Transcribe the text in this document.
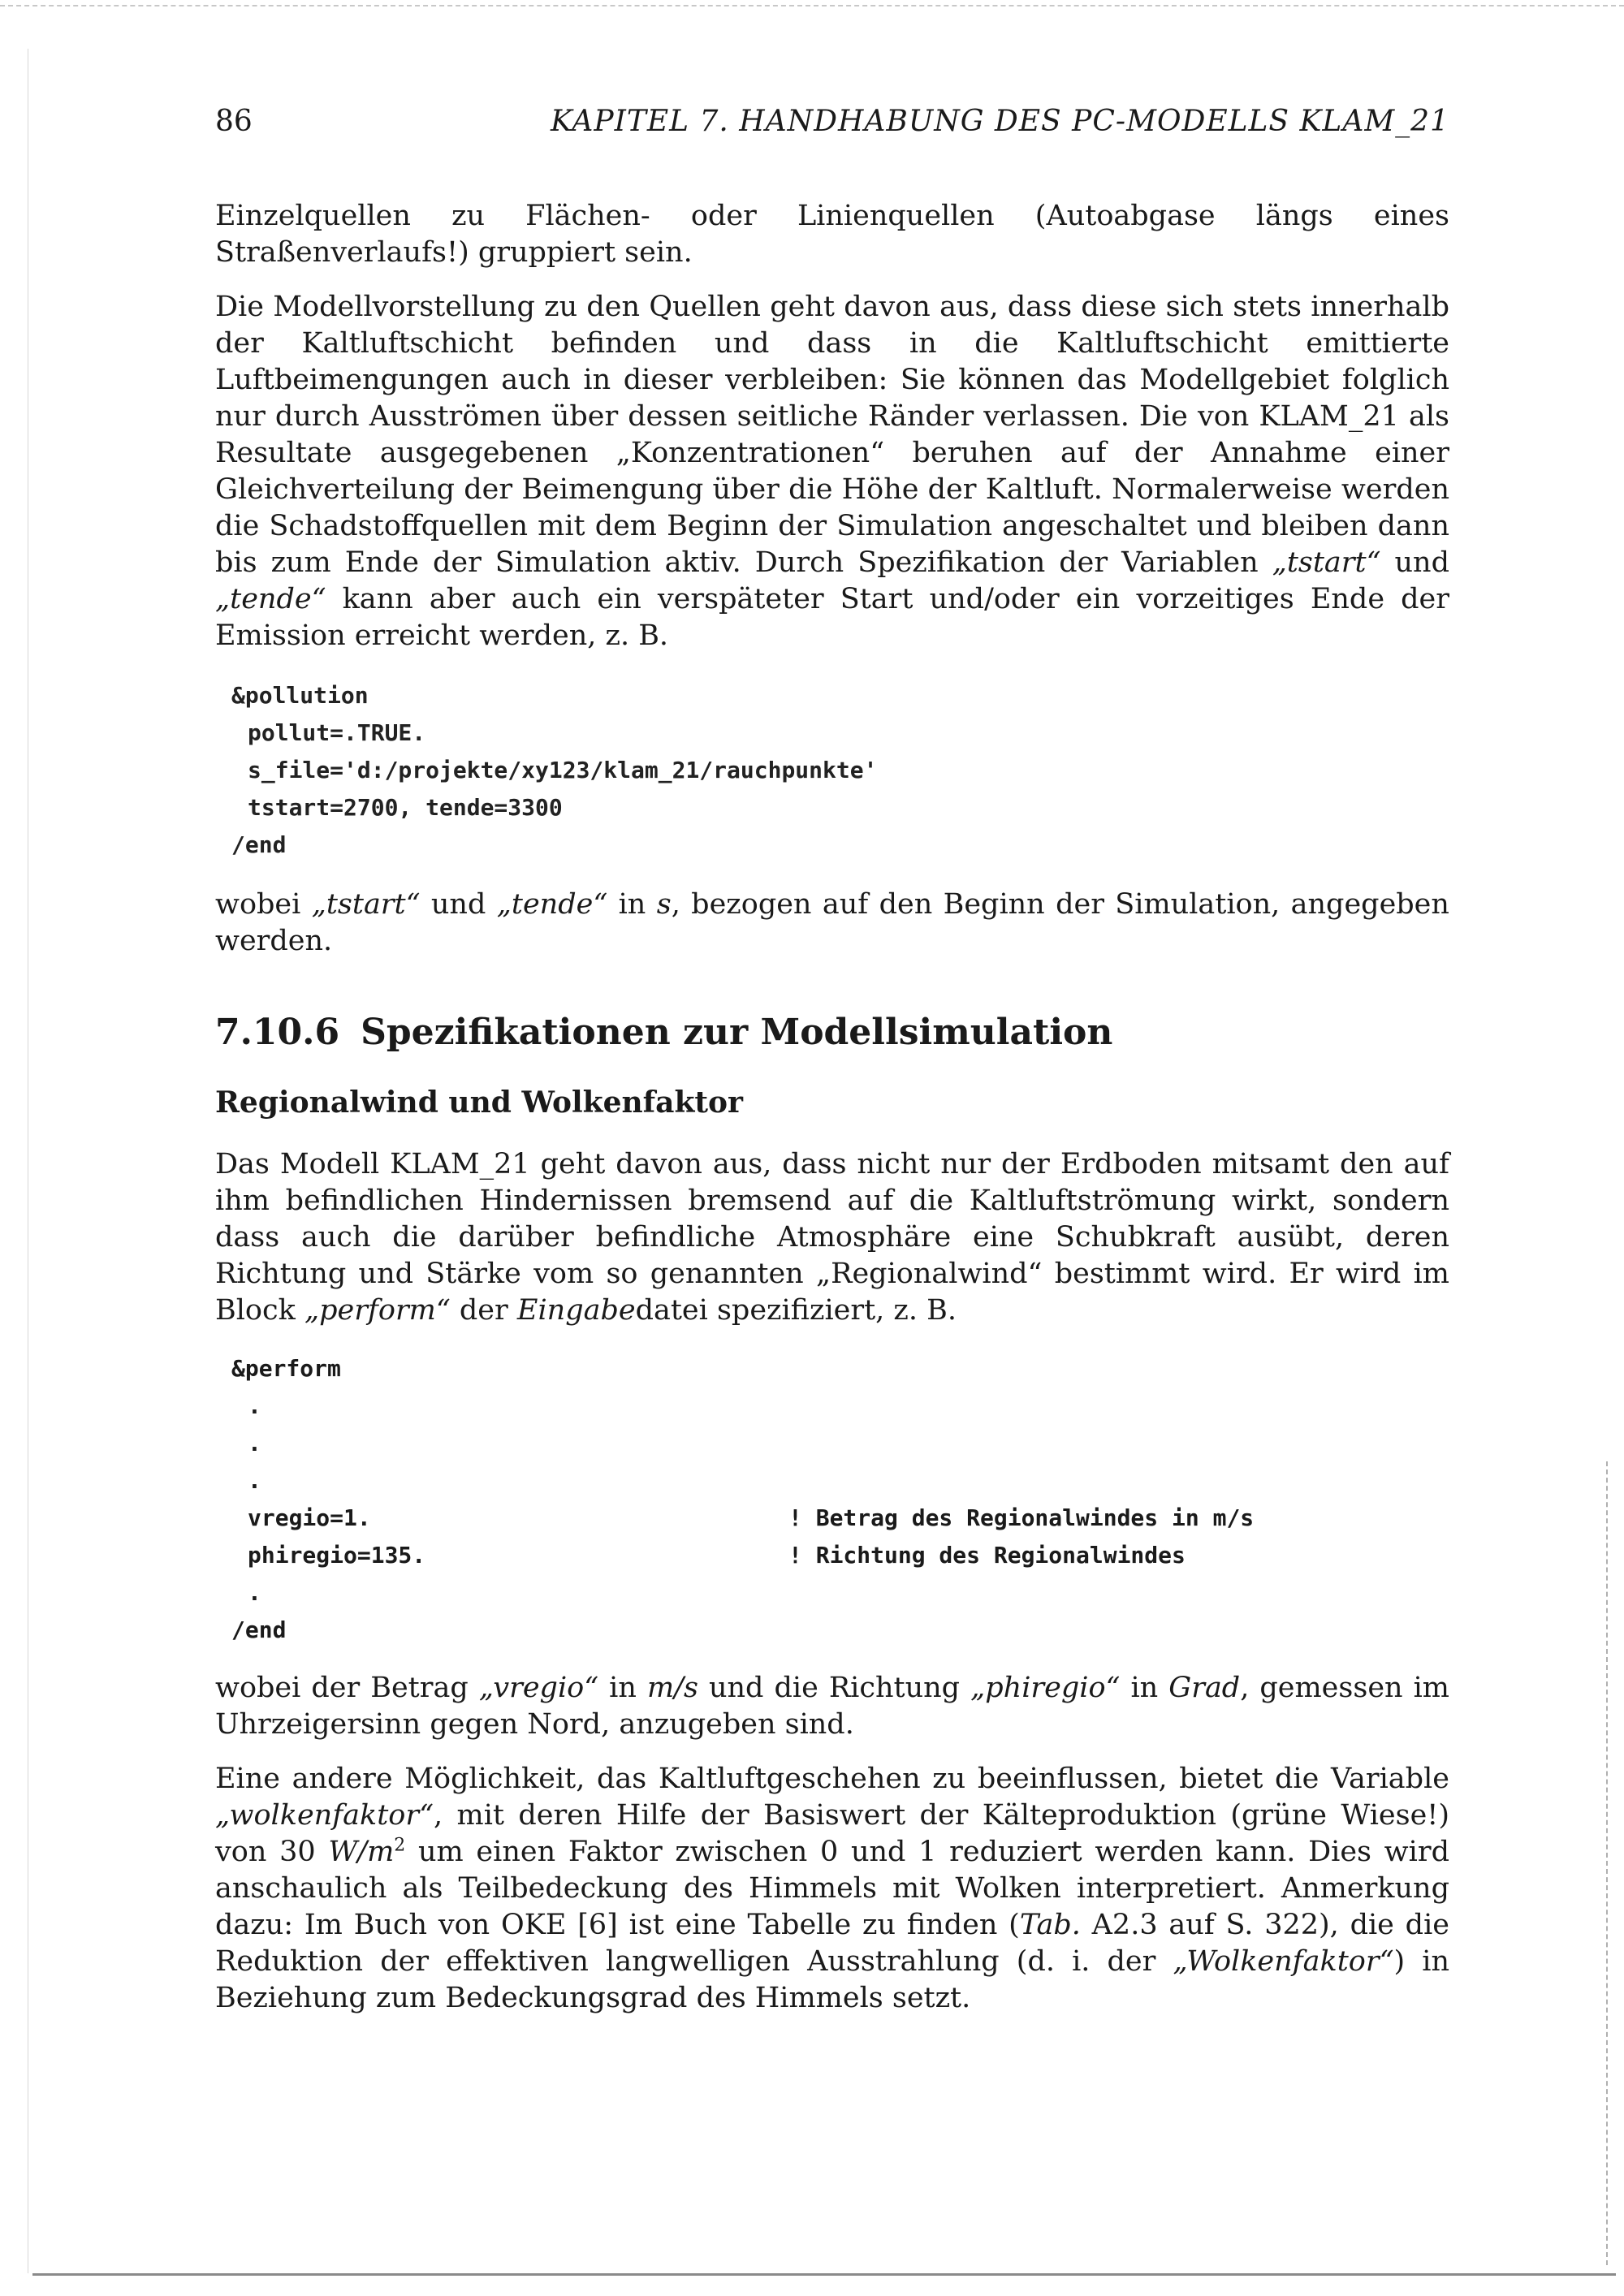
86	KAPITEL 7. HANDHABUNG DES PC-MODELLS KLAM_21

Einzelquellen zu Flächen- oder Linienquellen (Autoabgase längs eines Straßenverlaufs!) gruppiert sein.

Die Modellvorstellung zu den Quellen geht davon aus, dass diese sich stets innerhalb der Kaltluftschicht befinden und dass in die Kaltluftschicht emittierte Luftbeimengungen auch in dieser verbleiben: Sie können das Modellgebiet folglich nur durch Ausströmen über dessen seitliche Ränder verlassen. Die von KLAM_21 als Resultate ausgegebenen „Konzentrationen“ beruhen auf der Annahme einer Gleichverteilung der Beimengung über die Höhe der Kaltluft. Normalerweise werden die Schadstoffquellen mit dem Beginn der Simulation angeschaltet und bleiben dann bis zum Ende der Simulation aktiv. Durch Spezifikation der Variablen „tstart“ und „tende“ kann aber auch ein verspäteter Start und/oder ein vorzeitiges Ende der Emission erreicht werden, z. B.

&pollution
pollut=.TRUE.
s_file='d:/projekte/xy123/klam_21/rauchpunkte'
tstart=2700, tende=3300
/end

wobei „tstart“ und „tende“ in s, bezogen auf den Beginn der Simulation, angegeben werden.

7.10.6 Spezifikationen zur Modellsimulation
Regionalwind und Wolkenfaktor

Das Modell KLAM_21 geht davon aus, dass nicht nur der Erdboden mitsamt den auf ihm befindlichen Hindernissen bremsend auf die Kaltluftströmung wirkt, sondern dass auch die darüber befindliche Atmosphäre eine Schubkraft ausübt, deren Richtung und Stärke vom so genannten „Regionalwind“ bestimmt wird. Er wird im Block „perform“ der Eingabedatei spezifiziert, z. B.

&perform
.
.
.
vregio=1.	! Betrag des Regionalwindes in m/s
phiregio=135.	! Richtung des Regionalwindes
.
/end

wobei der Betrag „vregio“ in m/s und die Richtung „phiregio“ in Grad, gemessen im Uhrzeigersinn gegen Nord, anzugeben sind.

Eine andere Möglichkeit, das Kaltluftgeschehen zu beeinflussen, bietet die Variable „wolkenfaktor“, mit deren Hilfe der Basiswert der Kälteproduktion (grüne Wiese!) von 30 $W/m^2$ um einen Faktor zwischen 0 und 1 reduziert werden kann. Dies wird anschaulich als Teilbedeckung des Himmels mit Wolken interpretiert. Anmerkung dazu: Im Buch von OKE [6] ist eine Tabelle zu finden (Tab. A2.3 auf S. 322), die die Reduktion der effektiven langwelligen Ausstrahlung (d. i. der „Wolkenfaktor“) in Beziehung zum Bedeckungsgrad des Himmels setzt.
